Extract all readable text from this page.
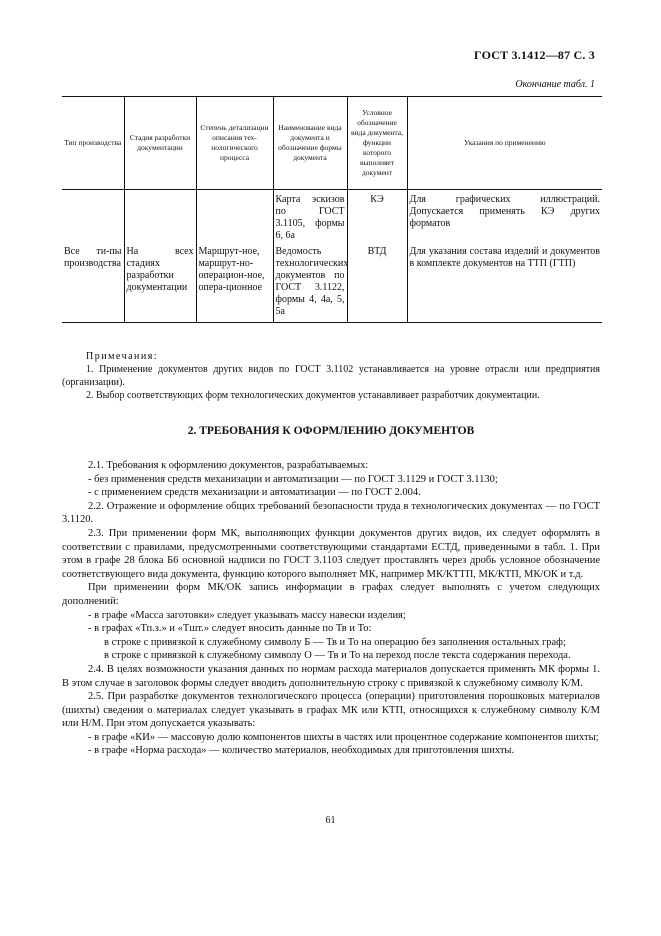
ГОСТ 3.1412—87 С. 3
Окончание табл. 1
Тип производства	Стадия разработки документации	Степень детализации описания тех-нологического процесса	Наименование вида документа и обозначение формы документа	Условное обозначение вида документа, функции которого выполняет документ	Указания по применению
			Карта эскизов по ГОСТ 3.1105, формы 6, 6а	КЭ	Для графических иллюстраций. Допускается применять КЭ других форматов
Все ти-пы производства	На всех стадиях разработки документации	Маршрут-ное, маршрут-но-операцион-ное, опера-ционное	Ведомость технологических документов по ГОСТ 3.1122, формы 4, 4а, 5, 5а	ВТД	Для указания состава изделий и документов в комплекте документов на ТТП (ГТП)

Примечания:

1. Применение документов других видов по ГОСТ 3.1102 устанавливается на уровне отрасли или предприятия (организации).

2. Выбор соответствующих форм технологических документов устанавливает разработчик документации.

2. ТРЕБОВАНИЯ К ОФОРМЛЕНИЮ ДОКУМЕНТОВ

2.1. Требования к оформлению документов, разрабатываемых:

- без применения средств механизации и автоматизации — по ГОСТ 3.1129 и ГОСТ 3.1130;

- с применением средств механизации и автоматизации — по ГОСТ 2.004.

2.2. Отражение и оформление общих требований безопасности труда в технологических документах — по ГОСТ 3.1120.

2.3. При применении форм МК, выполняющих функции документов других видов, их следует оформлять в соответствии с правилами, предусмотренными соответствующими стандартами ЕСТД, приведенными в табл. 1. При этом в графе 28 блока Б6 основной надписи по ГОСТ 3.1103 следует проставлять через дробь условное обозначение соответствующего вида документа, функцию которого выполняет МК, например МК/КТТП, МК/КТП, МК/ОК и т.д.

При применении форм МК/ОК запись информации в графах следует выполнять с учетом следующих дополнений:

- в графе «Масса заготовки» следует указывать массу навески изделия;

- в графах «Тп.з.» и «Тшт.» следует вносить данные по Тв и То:

в строке с привязкой к служебному символу Б — Тв и То на операцию без заполнения остальных граф;

в строке с привязкой к служебному символу О — Тв и То на переход после текста содержания перехода.

2.4. В целях возможности указания данных по нормам расхода материалов допускается применять МК формы 1. В этом случае в заголовок формы следует вводить дополнительную строку с привязкой к служебному символу К/М.

2.5. При разработке документов технологического процесса (операции) приготовления порошковых материалов (шихты) сведения о материалах следует указывать в графах МК или КТП, относящихся к служебному символу К/М или Н/М. При этом допускается указывать:

- в графе «КИ» — массовую долю компонентов шихты в частях или процентное содержание компонентов шихты;

- в графе «Норма расхода» — количество материалов, необходимых для приготовления шихты.

61
